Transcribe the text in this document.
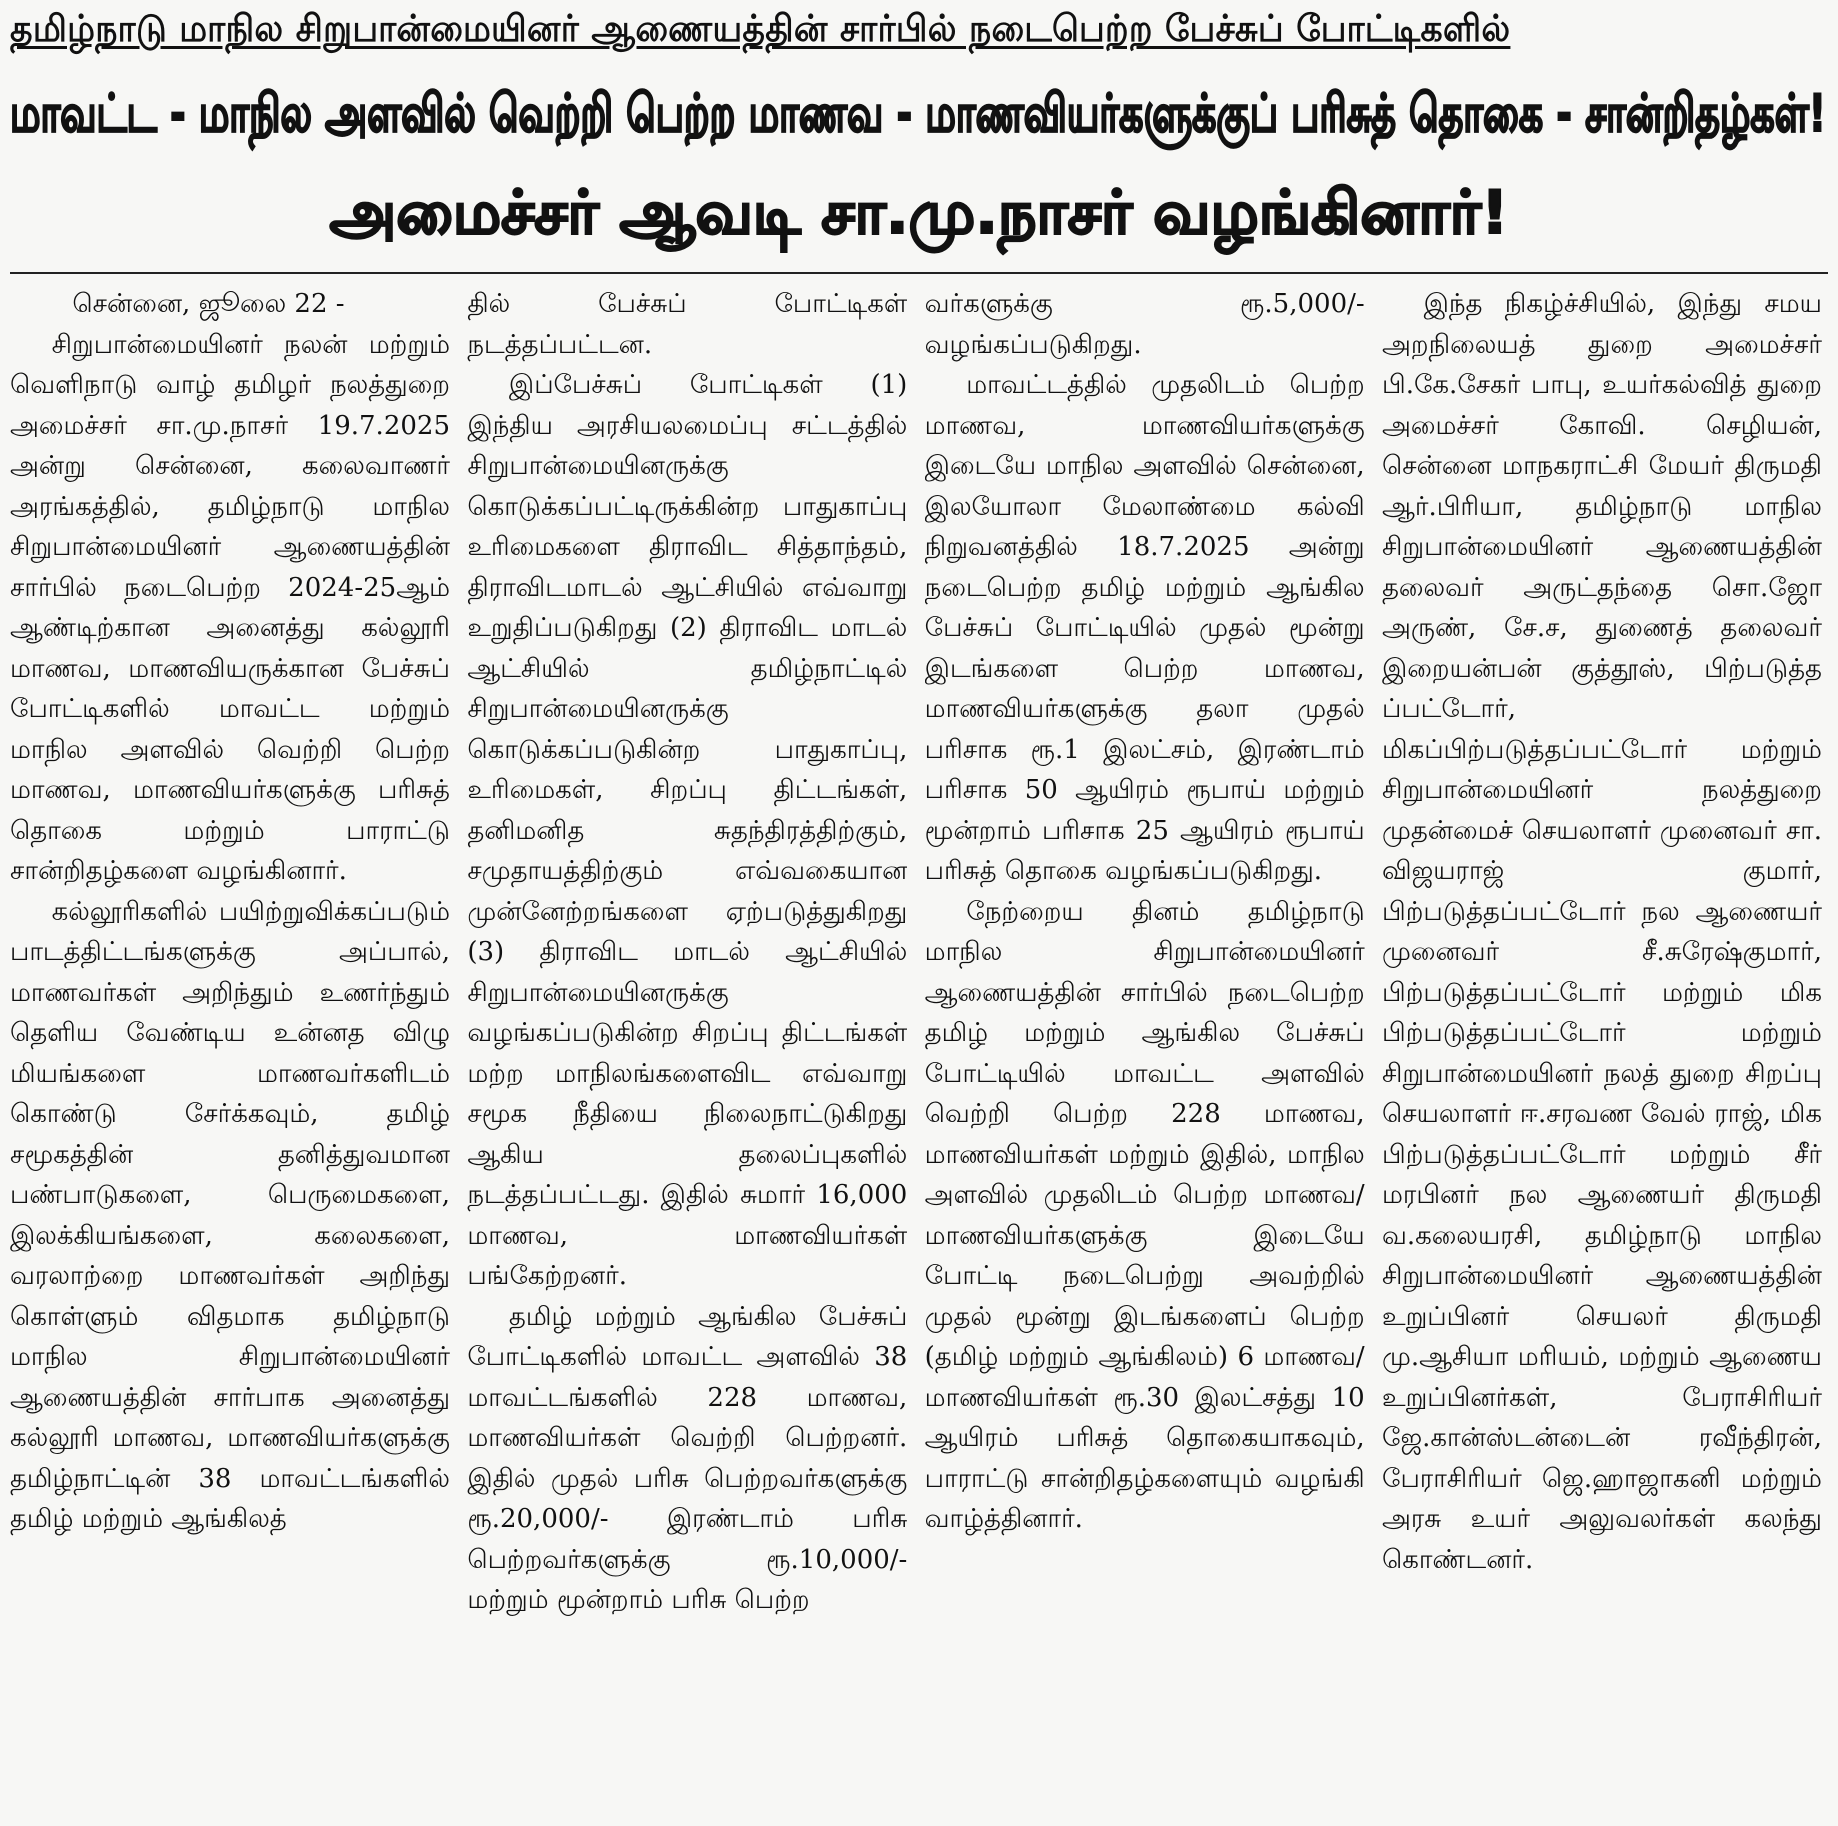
தமிழ்நாடு மாநில சிறுபான்மையினர் ஆணையத்தின் சார்பில் நடைபெற்ற பேச்சுப் போட்டிகளில்
மாவட்ட - மாநில அளவில் வெற்றி பெற்ற மாணவ - மாணவியர்களுக்குப் பரிசுத் தொகை - சான்றிதழ்கள்!
அமைச்சர் ஆவடி சா.மு.நாசர் வழங்கினார்!

சென்னை, ஜூலை 22 -

சிறுபான்மையினர் நலன் மற்றும் வெளிநாடு வாழ் தமிழர் நலத்துறை அமைச்சர் சா.மு.நாசர் 19.7.2025 அன்று சென்னை, கலைவாணர் அரங்கத்தில், தமிழ்நாடு மாநில சிறுபான்மையினர் ஆணையத்தின் சார்பில் நடைபெற்ற 2024-25ஆம் ஆண்டிற்கான அனைத்து கல்லூரி மாணவ, மாணவியருக்கான பேச்சுப் போட்டிகளில் மாவட்ட மற்றும் மாநில அளவில் வெற்றி பெற்ற மாணவ, மாணவியர்களுக்கு பரிசுத் தொகை மற்றும் பாராட்டு சான்றிதழ்களை வழங்கினார்.

கல்லூரிகளில் பயிற்றுவிக்கப்படும் பாடத்திட்டங்களுக்கு அப்பால், மாணவர்கள் அறிந்தும் உணர்ந்தும் தெளிய வேண்டிய உன்னத விழு மியங்களை மாணவர்களிடம் கொண்டு சேர்க்கவும், தமிழ் சமூகத்தின் தனித்துவமான பண்பாடுகளை, பெருமைகளை, இலக்கியங்களை, கலைகளை, வரலாற்றை மாணவர்கள் அறிந்து கொள்ளும் விதமாக தமிழ்நாடு மாநில சிறுபான்மையினர் ஆணையத்தின் சார்பாக அனைத்து கல்லூரி மாணவ, மாணவியர்களுக்கு தமிழ்நாட்டின் 38 மாவட்டங்களில் தமிழ் மற்றும் ஆங்கிலத்

தில் பேச்சுப் போட்டிகள் நடத்தப்பட்டன.

இப்பேச்சுப் போட்டிகள் (1) இந்திய அரசியலமைப்பு சட்டத்தில் சிறுபான்மையினருக்கு கொடுக்கப்பட்டிருக்கின்ற பாதுகாப்பு உரிமைகளை திராவிட சித்தாந்தம், திராவிடமாடல் ஆட்சியில் எவ்வாறு உறுதிப்படுகிறது (2) திராவிட மாடல் ஆட்சியில் தமிழ்நாட்டில் சிறுபான்மையினருக்கு கொடுக்கப்படுகின்ற பாதுகாப்பு, உரிமைகள், சிறப்பு திட்டங்கள், தனிமனித சுதந்திரத்திற்கும், சமுதாயத்திற்கும் எவ்வகையான முன்னேற்றங்களை ஏற்படுத்துகிறது (3) திராவிட மாடல் ஆட்சியில் சிறுபான்மையினருக்கு வழங்கப்படுகின்ற சிறப்பு திட்டங்கள் மற்ற மாநிலங்களைவிட எவ்வாறு சமூக நீதியை நிலைநாட்டுகிறது ஆகிய தலைப்புகளில் நடத்தப்பட்டது. இதில் சுமார் 16,000 மாணவ, மாணவியர்கள் பங்கேற்றனர்.

தமிழ் மற்றும் ஆங்கில பேச்சுப் போட்டிகளில் மாவட்ட அளவில் 38 மாவட்டங்களில் 228 மாணவ, மாணவியர்கள் வெற்றி பெற்றனர். இதில் முதல் பரிசு பெற்றவர்களுக்கு ரூ.20,000/- இரண்டாம் பரிசு பெற்றவர்களுக்கு ரூ.10,000/- மற்றும் மூன்றாம் பரிசு பெற்ற

வர்களுக்கு ரூ.5,000/- வழங்கப்படுகிறது.

மாவட்டத்தில் முதலிடம் பெற்ற மாணவ, மாணவியர்களுக்கு இடையே மாநில அளவில் சென்னை, இலயோலா மேலாண்மை கல்வி நிறுவனத்தில் 18.7.2025 அன்று நடைபெற்ற தமிழ் மற்றும் ஆங்கில பேச்சுப் போட்டியில் முதல் மூன்று இடங்களை பெற்ற மாணவ, மாணவியர்களுக்கு தலா முதல் பரிசாக ரூ.1 இலட்சம், இரண்டாம் பரிசாக 50 ஆயிரம் ரூபாய் மற்றும் மூன்றாம் பரிசாக 25 ஆயிரம் ரூபாய் பரிசுத் தொகை வழங்கப்படுகிறது.

நேற்றைய தினம் தமிழ்நாடு மாநில சிறுபான்மையினர் ஆணையத்தின் சார்பில் நடைபெற்ற தமிழ் மற்றும் ஆங்கில பேச்சுப் போட்டியில் மாவட்ட அளவில் வெற்றி பெற்ற 228 மாணவ, மாணவியர்கள் மற்றும் இதில், மாநில அளவில் முதலிடம் பெற்ற மாணவ/மாணவியர்களுக்கு இடையே போட்டி நடைபெற்று அவற்றில் முதல் மூன்று இடங்களைப் பெற்ற (தமிழ் மற்றும் ஆங்கிலம்) 6 மாணவ/ மாணவியர்கள் ரூ.30 இலட்சத்து 10 ஆயிரம் பரிசுத் தொகையாகவும், பாராட்டு சான்றிதழ்களையும் வழங்கி வாழ்த்தினார்.

இந்த நிகழ்ச்சியில், இந்து சமய அறநிலையத் துறை அமைச்சர் பி.கே.சேகர் பாபு, உயர்கல்வித் துறை அமைச்சர் கோவி. செழியன், சென்னை மாநகராட்சி மேயர் திருமதி ஆர்.பிரியா, தமிழ்நாடு மாநில சிறுபான்மையினர் ஆணையத்தின் தலைவர் அருட்தந்தை சொ.ஜோ அருண், சே.ச, துணைத் தலைவர் இறையன்பன் குத்தூஸ், பிற்படுத்த ப்பட்டோர், மிகப்பிற்படுத்தப்பட்டோர் மற்றும் சிறுபான்மையினர் நலத்துறை முதன்மைச் செயலாளர் முனைவர் சா. விஜயராஜ் குமார், பிற்படுத்தப்பட்டோர் நல ஆணையர் முனைவர் சீ.சுரேஷ்குமார், பிற்படுத்தப்பட்டோர் மற்றும் மிக பிற்படுத்தப்பட்டோர் மற்றும் சிறுபான்மையினர் நலத் துறை சிறப்பு செயலாளர் ஈ.சரவண வேல் ராஜ், மிக பிற்படுத்தப்பட்டோர் மற்றும் சீர் மரபினர் நல ஆணையர் திருமதி வ.கலையரசி, தமிழ்நாடு மாநில சிறுபான்மையினர் ஆணையத்தின் உறுப்பினர் செயலர் திருமதி மு.ஆசியா மரியம், மற்றும் ஆணைய உறுப்பினர்கள், பேராசிரியர் ஜே.கான்ஸ்டன்டைன் ரவீந்திரன், பேராசிரியர் ஜெ.ஹாஜாகனி மற்றும் அரசு உயர் அலுவலர்கள் கலந்து கொண்டனர்.
